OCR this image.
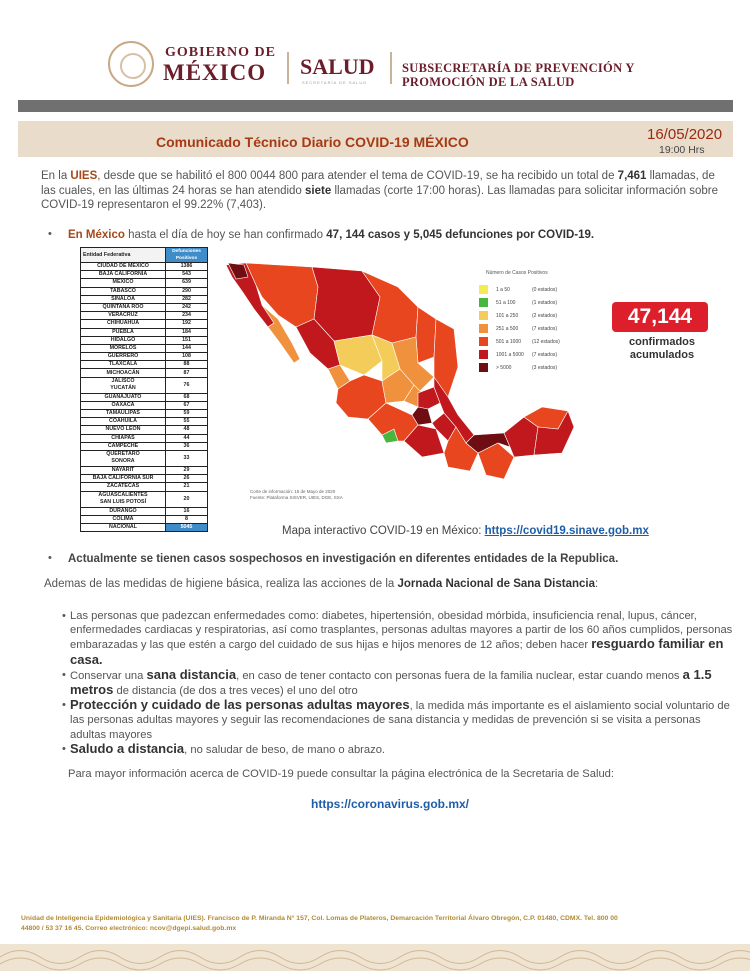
GOBIERNO DE
MÉXICO SALUD
SECRETARÍA DE SALUD
SUBSECRETARÍA DE PREVENCIÓN Y
PROMOCIÓN DE LA SALUD
Comunicado Técnico Diario COVID-19 MÉXICO	16/05/2020
19:00 Hrs
En la UIES, desde que se habilitó el 800 0044 800 para atender el tema de COVID-19, se ha recibido un total de 7,461 llamadas, de las cuales, en las últimas 24 horas se han atendido siete llamadas (corte 17:00 horas). Las llamadas para solicitar información sobre COVID-19 representaron el 99.22% (7,403).
• En México hasta el día de hoy se han confirmado 47, 144 casos y 5,045 defunciones por COVID-19.
Entidad Federativa	Defunciones Positivos
CIUDAD DE MÉXICO	1386
BAJA CALIFORNIA	543
MÉXICO	639
TABASCO	290
SINALOA	282
QUINTANA ROO	242
VERACRUZ	234
CHIHUAHUA	192
PUEBLA	184
HIDALGO	151
MORELOS	144
GUERRERO	108
TLAXCALA	88
MICHOACÁN	87

JALISCO
YUCATÁN	76
GUANAJUATO	68
OAXACA	67
TAMAULIPAS	59
COAHUILA	55
NUEVO LEÓN	48
CHIAPAS	44
CAMPECHE	36

QUERÉTARO
SONORA	33
NAYARIT	29
BAJA CALIFORNIA SUR	26
ZACATECAS	21

AGUASCALIENTES
SAN LUIS POTOSÍ	20
DURANGO	16
COLIMA	8
NACIONAL	5045
Número de Casos Positivos
1 a 50	(0 estados)
51 a 100	(1 estados)
101 a 250	(2 estados)
251 a 500	(7 estados)
501 a 1000 (12 estados)
1001 a 5000 (7 estados)
> 5000	(3 estados)
Corte de información: 15 de Mayo de 2020
Fuente: Plataforma SISVER, UIES, DGE, SSA
47,144
confirmados
acumulados
Mapa interactivo COVID-19 en México: https://covid19.sinave.gob.mx
• Actualmente se tienen casos sospechosos en investigación en diferentes entidades de la Republica.
Ademas de las medidas de higiene básica, realiza las acciones de la Jornada Nacional de Sana Distancia:
• Las personas que padezcan enfermedades como: diabetes, hipertensión, obesidad mórbida, insuficiencia renal, lupus, cáncer, enfermedades cardiacas y respiratorias, así como trasplantes, personas adultas mayores a partir de los 60 años cumplidos, personas embarazadas y las que estén a cargo del cuidado de sus hijas e hijos menores de 12 años; deben hacer resguardo familiar en casa.
• Conservar una sana distancia, en caso de tener contacto con personas fuera de la familia nuclear, estar cuando menos a 1.5 metros de distancia (de dos a tres veces) el uno del otro
• Protección y cuidado de las personas adultas mayores, la medida más importante es el aislamiento social voluntario de las personas adultas mayores y seguir las recomendaciones de sana distancia y medidas de prevención si se visita a personas adultas mayores
• Saludo a distancia, no saludar de beso, de mano o abrazo.
Para mayor información acerca de COVID-19 puede consultar la página electrónica de la Secretaria de Salud:
https://coronavirus.gob.mx/
Unidad de Inteligencia Epidemiológica y Sanitaria (UIES). Francisco de P. Miranda N° 157, Col. Lomas de Plateros, Demarcación Territorial Álvaro Obregón, C.P. 01480, CDMX. Tel. 800 00
44800 / 53 37 16 45. Correo electrónico: ncov@dgepi.salud.gob.mx
